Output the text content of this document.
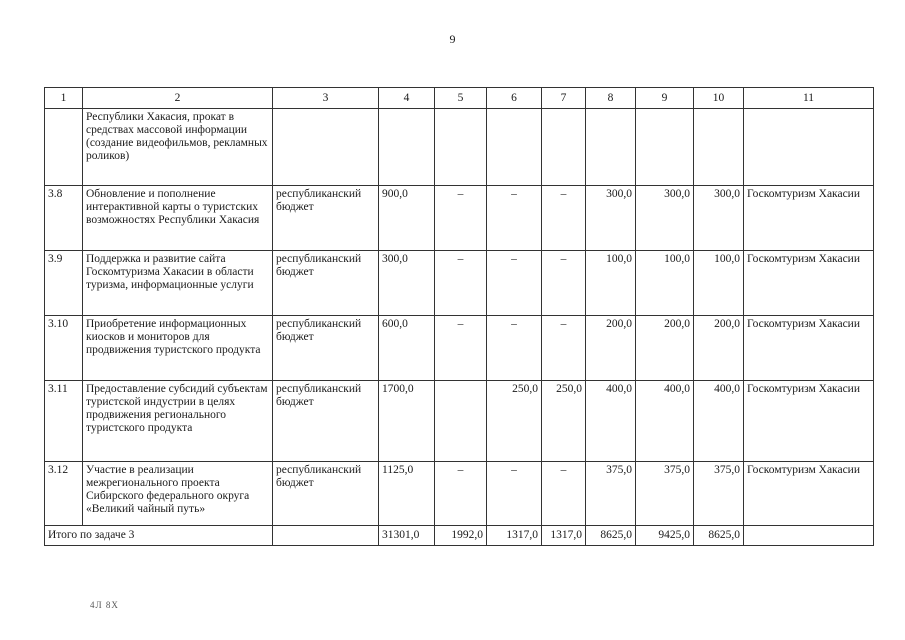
9
1	2	3	4	5	6	7	8	9	10	11
	Республики Хакасия, прокат в средствах массовой информации (создание видеофильмов, рекламных роликов)									
3.8	Обновление и пополнение интерактивной карты о туристских возможностях Республики Хакасия	республиканский бюджет	900,0	–	–	–	300,0	300,0	300,0	Госкомтуризм Хакасии
3.9	Поддержка и развитие сайта Госкомтуризма Хакасии в области туризма, информационные услуги	республиканский бюджет	300,0	–	–	–	100,0	100,0	100,0	Госкомтуризм Хакасии
3.10	Приобретение информационных киосков и мониторов для продвижения туристского продукта	республиканский бюджет	600,0	–	–	–	200,0	200,0	200,0	Госкомтуризм Хакасии
3.11	Предоставление субсидий субъектам туристской индустрии в целях продвижения регионального туристского продукта	республиканский бюджет	1700,0		250,0	250,0	400,0	400,0	400,0	Госкомтуризм Хакасии
3.12	Участие в реализации межрегионального проекта Сибирского федерального округа «Великий чайный путь»	республиканский бюджет	1125,0	–	–	–	375,0	375,0	375,0	Госкомтуризм Хакасии
Итого по задаче 3			31301,0	1992,0	1317,0	1317,0	8625,0	9425,0	8625,0	
4Л 8Х
